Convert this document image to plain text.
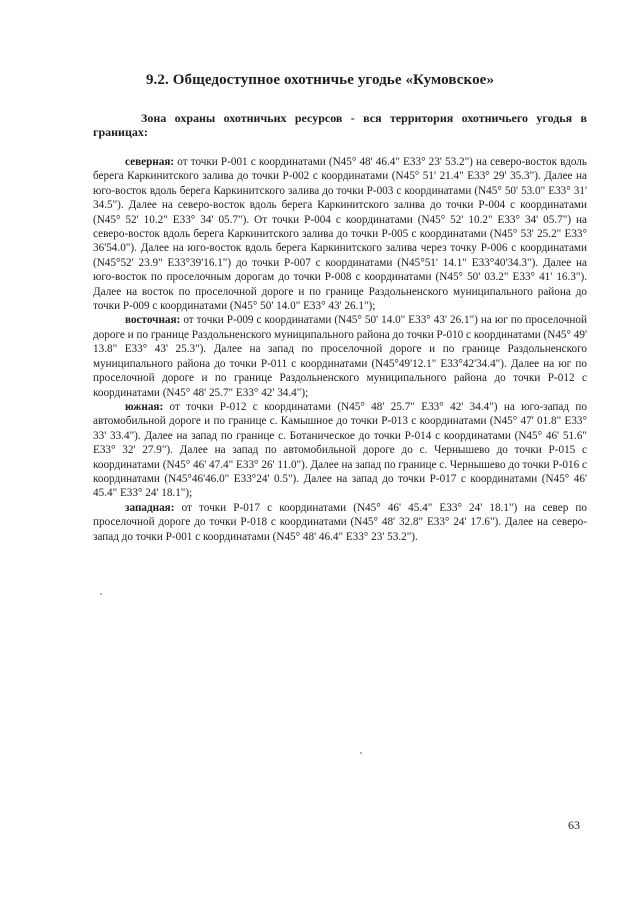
9.2. Общедоступное охотничье угодье «Кумовское»
Зона охраны охотничьих ресурсов - вся территория охотничьего угодья в границах:

северная: от точки Р-001 с координатами (N45° 48' 46.4" Е33° 23' 53.2") на северо-восток вдоль берега Каркинитского залива до точки Р-002 с координатами (N45° 51' 21.4" Е33° 29' 35.3"). Далее на юго-восток вдоль берега Каркинитского залива до точки Р-003 с координатами (N45° 50' 53.0" Е33° 31' 34.5"). Далее на северо-восток вдоль берега Каркинитского залива до точки Р-004 с координатами (N45° 52' 10.2" Е33° 34' 05.7"). От точки Р-004 с координатами (N45° 52' 10.2" Е33° 34' 05.7") на северо-восток вдоль берега Каркинитского залива до точки Р-005 с координатами (N45° 53' 25.2" Е33° 36'54.0"). Далее на юго-восток вдоль берега Каркинитского залива через точку Р-006 с координатами (N45°52' 23.9" Е33°39'16.1") до точки Р-007 с координатами (N45°51' 14.1" Е33°40'34.3"). Далее на юго-восток по проселочным дорогам до точки Р-008 с координатами (N45° 50' 03.2" Е33° 41' 16.3"). Далее на восток по проселочной дороге и по границе Раздольненского муниципального района до точки Р-009 с координатами (N45° 50' 14.0" Е33° 43' 26.1");

восточная: от точки Р-009 с координатами (N45° 50' 14.0" Е33° 43' 26.1") на юг по проселочной дороге и по границе Раздольненского муниципального района до точки Р-010 с координатами (N45° 49' 13.8" Е33° 43' 25.3"). Далее на запад по проселочной дороге и по границе Раздольненского муниципального района до точки Р-011 с координатами (N45°49'12.1" Е33°42'34.4"). Далее на юг по проселочной дороге и по границе Раздольненского муниципального района до точки Р-012 с координатами (N45° 48' 25.7" Е33° 42' 34.4");

южная: от точки Р-012 с координатами (N45° 48' 25.7" Е33° 42' 34.4") на юго-запад по автомобильной дороге и по границе с. Камышное до точки Р-013 с координатами (N45° 47' 01.8" Е33° 33' 33.4"). Далее на запад по границе с. Ботаническое до точки Р-014 с координатами (N45° 46' 51.6" Е33° 32' 27.9"). Далее на запад по автомобильной дороге до с. Чернышево до точки Р-015 с координатами (N45° 46' 47.4" Е33° 26' 11.0"). Далее на запад по границе с. Чернышево до точки Р-016 с координатами (N45°46'46.0" Е33°24' 0.5"). Далее на запад до точки Р-017 с координатами (N45° 46' 45.4" Е33° 24' 18.1");

западная: от точки Р-017 с координатами (N45° 46' 45.4" Е33° 24' 18.1") на север по проселочной дороге до точки Р-018 с координатами (N45° 48' 32.8" Е33° 24' 17.6"). Далее на северо-запад до точки Р-001 с координатами (N45° 48' 46.4" Е33° 23' 53.2").

63
